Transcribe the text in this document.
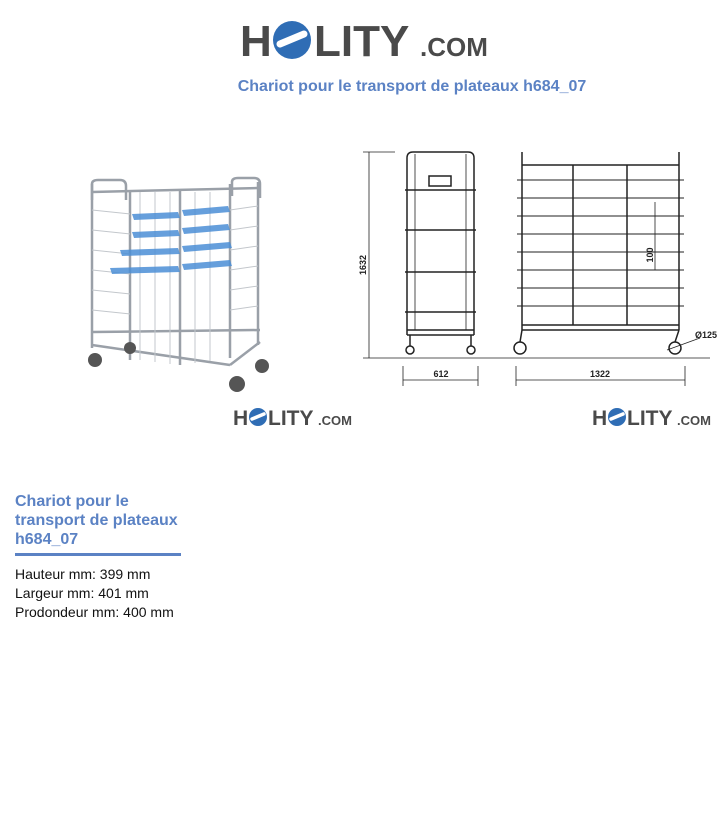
H LITY .COM
Chariot pour le transport de plateaux h684_07
1632	100
612	1322
Ø125
H LITY .COM	H LITY .COM
Chariot pour le transport de plateaux h684_07
Hauteur mm: 399 mm
Largeur mm: 401 mm
Prodondeur mm: 400 mm
